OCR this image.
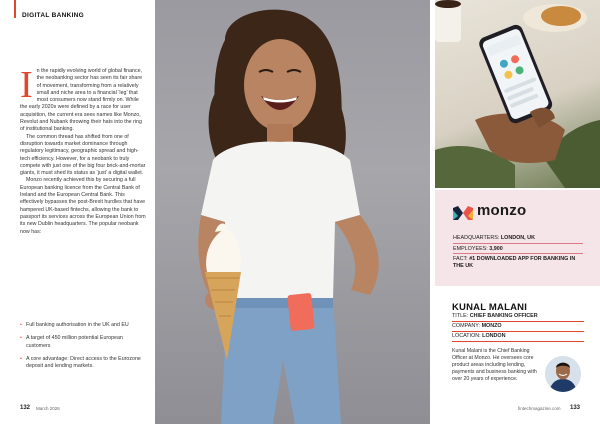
DIGITAL BANKING
I n the rapidly evolving world of global finance, the neobanking sector has seen its fair share of movement, transforming from a relatively small and niche area to a financial ‘leg’ that most consumers now stand firmly on. While the early 2020s were defined by a race for user acquisition, the current era sees names like Monzo, Revolut and Nubank throwing their hats into the ring of institutional banking.

The common thread has shifted from one of disruption towards market dominance through regulatory legitimacy, geographic spread and high-tech efficiency. However, for a neobank to truly compete with just one of the big four brick-and-mortar giants, it must shed its status as ‘just’ a digital wallet.

Monzo recently achieved this by securing a full European banking licence from the Central Bank of Ireland and the European Central Bank. This effectively bypasses the post-Brexit hurdles that have hampered UK-based fintechs, allowing the bank to passport its services across the European Union from its new Dublin headquarters. The popular neobank now has:

• Full banking authorisation in the UK and EU
• A target of 450 million potential European customers
• A core advantage: Direct access to the Eurozone deposit and lending markets.
132 March 2026
monzo
HEADQUARTERS: LONDON, UK
EMPLOYEES: 3,900
FACT: #1 DOWNLOADED APP FOR BANKING IN THE UK
KUNAL MALANI
TITLE: CHIEF BANKING OFFICER
COMPANY: MONZO
LOCATION: LONDON
Kunal Malani is the Chief Banking Officer at Monzo. He oversees core product areas including lending, payments and business banking with over 20 years of experience.
fintechmagazine.com 133
